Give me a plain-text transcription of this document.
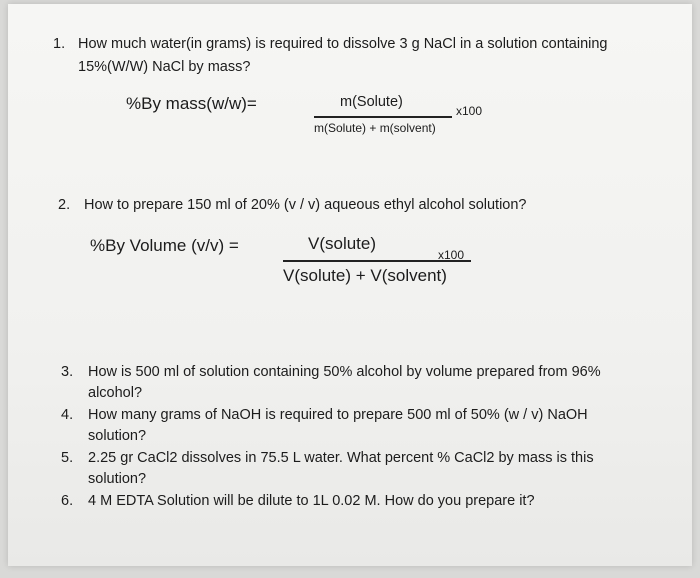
1. How much water(in grams) is required to dissolve 3 g NaCl in a solution containing
15%(W/W) NaCl by mass?
%By mass(w/w)=	m(Solute)
m(Solute) + m(solvent)
x100
2. How to prepare 150 ml of 20% (v / v) aqueous ethyl alcohol solution?
%By Volume (v/v) =	V(solute)
V(solute) + V(solvent)
x100
3. How is 500 ml of solution containing 50% alcohol by volume prepared from 96%
alcohol?
4. How many grams of NaOH is required to prepare 500 ml of 50% (w / v) NaOH
solution?
5. 2.25 gr CaCl2 dissolves in 75.5 L water. What percent % CaCl2 by mass is this
solution?
6. 4 M EDTA Solution will be dilute to 1L 0.02 M. How do you prepare it?
